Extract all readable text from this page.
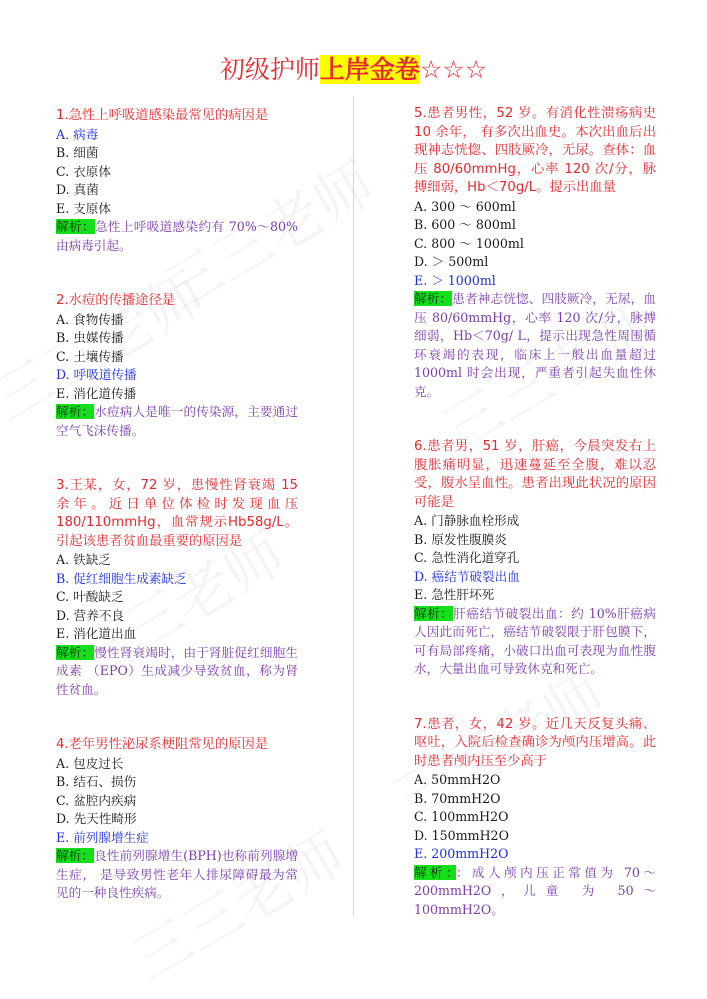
初级护师上岸金卷☆☆☆
1.急性上呼吸道感染最常见的病因是
A. 病毒
B. 细菌
C. 衣原体
D. 真菌
E. 支原体
解析：急性上呼吸道感染约有 70%～80%由病毒引起。
2.水痘的传播途径是
A. 食物传播
B. 虫媒传播
C. 土壤传播
D. 呼吸道传播
E. 消化道传播
解析：水痘病人是唯一的传染源，主要通过空气飞沫传播。
3.王某，女，72 岁，患慢性肾衰竭 15 余年。近日单位体检时发现血压 180/110mmHg，血常规示Hb58g/L。引起该患者贫血最重要的原因是
A. 铁缺乏
B. 促红细胞生成素缺乏
C. 叶酸缺乏
D. 营养不良
E. 消化道出血
解析：慢性肾衰竭时，由于肾脏促红细胞生成素 （EPO）生成减少导致贫血，称为肾性贫血。
4.老年男性泌尿系梗阻常见的原因是
A. 包皮过长
B. 结石、损伤
C. 盆腔内疾病
D. 先天性畸形
E. 前列腺增生症
解析：良性前列腺增生(BPH)也称前列腺增生症， 是导致男性老年人排尿障碍最为常见的一种良性疾病。
5.患者男性，52 岁。有消化性溃疡病史 10 余年， 有多次出血史。本次出血后出现神志恍惚、四肢厥冷，无尿。查体：血压 80/60mmHg，心率 120 次/分，脉搏细弱，Hb＜70g/L。提示出血量
A. 300 ～ 600ml
B. 600 ～ 800ml
C. 800 ～ 1000ml
D. ＞ 500ml
E. ＞ 1000ml
解析：患者神志恍惚、四肢厥冷，无尿，血压 80/60mmHg，心率 120 次/分，脉搏细弱，Hb＜70g/ L，提示出现急性周围循环衰竭的表现，临床上一般出血量超过 1000ml 时会出现，严重者引起失血性休克。
6.患者男，51 岁，肝癌，今晨突发右上腹胀痛明显，迅速蔓延至全腹，难以忍受，腹水呈血性。患者出现此状况的原因可能是
A. 门静脉血栓形成
B. 原发性腹膜炎
C. 急性消化道穿孔
D. 癌结节破裂出血
E. 急性肝坏死
解析：肝癌结节破裂出血：约 10%肝癌病人因此而死亡，癌结节破裂限于肝包膜下，可有局部疼痛，小破口出血可表现为血性腹水，大量出血可导致休克和死亡。
7.患者，女，42 岁。近几天反复头痛、呕吐，入院后检查确诊为颅内压增高。此时患者颅内压至少高于
A. 50mmH2O
B. 70mmH2O
C. 100mmH2O
D. 150mmH2O
E. 200mmH2O
解析：：成人颅内压正常值为 70～200mmH2O，儿童 为 50～100mmH2O。
